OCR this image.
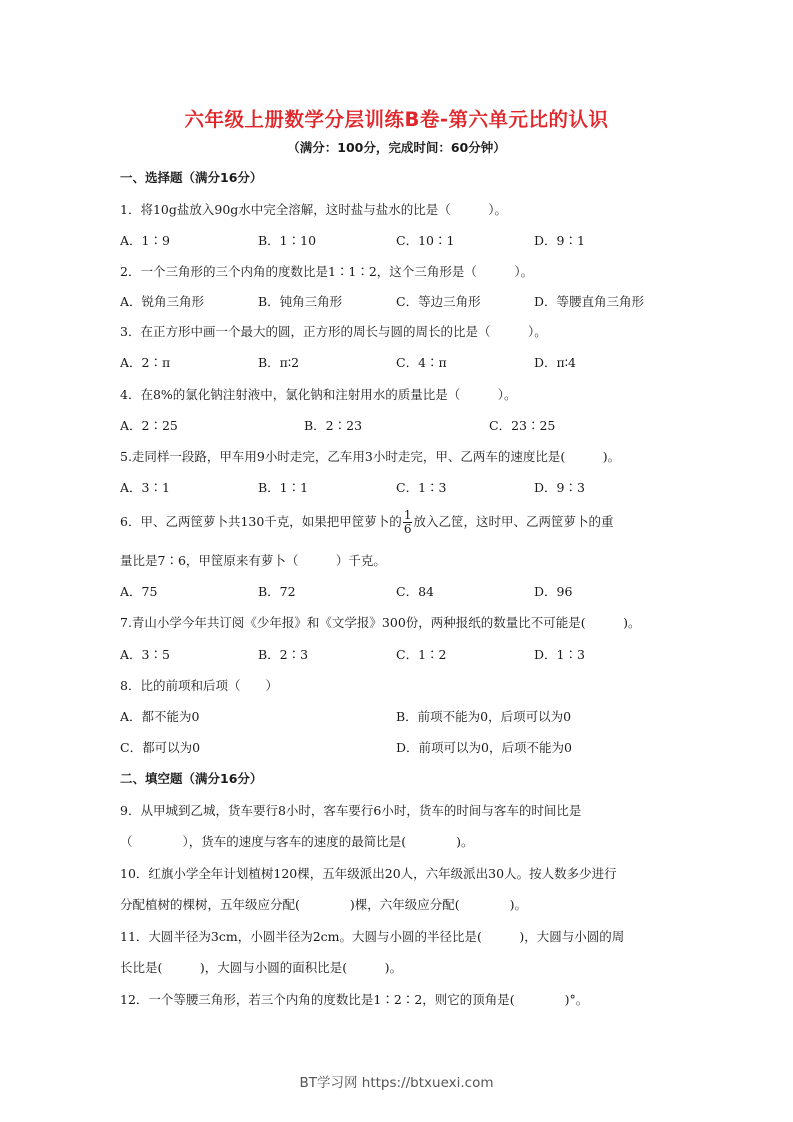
六年级上册数学分层训练B卷-第六单元比的认识
（满分：100分，完成时间：60分钟）
一、选择题（满分16分）
1．将10g盐放入90g水中完全溶解，这时盐与盐水的比是（　　　）。
A．1∶9	B．1∶10	C．10∶1	D．9∶1
2．一个三角形的三个内角的度数比是1∶1∶2，这个三角形是（　　　）。
A．锐角三角形	B．钝角三角形	C．等边三角形	D．等腰直角三角形
3．在正方形中画一个最大的圆，正方形的周长与圆的周长的比是（　　　）。
A．2∶π	B．π∶2	C．4∶π	D．π∶4
4．在8%的氯化钠注射液中，氯化钠和注射用水的质量比是（　　　）。
A．2∶25	B．2∶23	C．23∶25
5.走同样一段路，甲车用9小时走完，乙车用3小时走完，甲、乙两车的速度比是(　　　)。
A．3∶1	B．1∶1	C．1∶3	D．9∶3
6．甲、乙两筐萝卜共130千克，如果把甲筐萝卜的 $\frac{1}{6}$ 放入乙筐，这时甲、乙两筐萝卜的重
量比是7∶6，甲筐原来有萝卜（　　　）千克。
A．75	B．72	C．84	D．96
7.青山小学今年共订阅《少年报》和《文学报》300份，两种报纸的数量比不可能是(　　　)。
A．3∶5	B．2∶3	C．1∶2	D．1∶3
8．比的前项和后项（　　）
A．都不能为0	B．前项不能为0，后项可以为0
C．都可以为0	D．前项可以为0，后项不能为0
二、填空题（满分16分）
9．从甲城到乙城，货车要行8小时，客车要行6小时，货车的时间与客车的时间比是
（　　　　），货车的速度与客车的速度的最简比是(　　　　)。
10．红旗小学全年计划植树120棵，五年级派出20人，六年级派出30人。按人数多少进行
分配植树的棵树，五年级应分配(　　　　)棵，六年级应分配(　　　　)。
11．大圆半径为3cm，小圆半径为2cm。大圆与小圆的半径比是(　　　)，大圆与小圆的周
长比是(　　　)，大圆与小圆的面积比是(　　　)。
12．一个等腰三角形，若三个内角的度数比是1∶2∶2，则它的顶角是(　　　　)°。
BT学习网 https://btxuexi.com
